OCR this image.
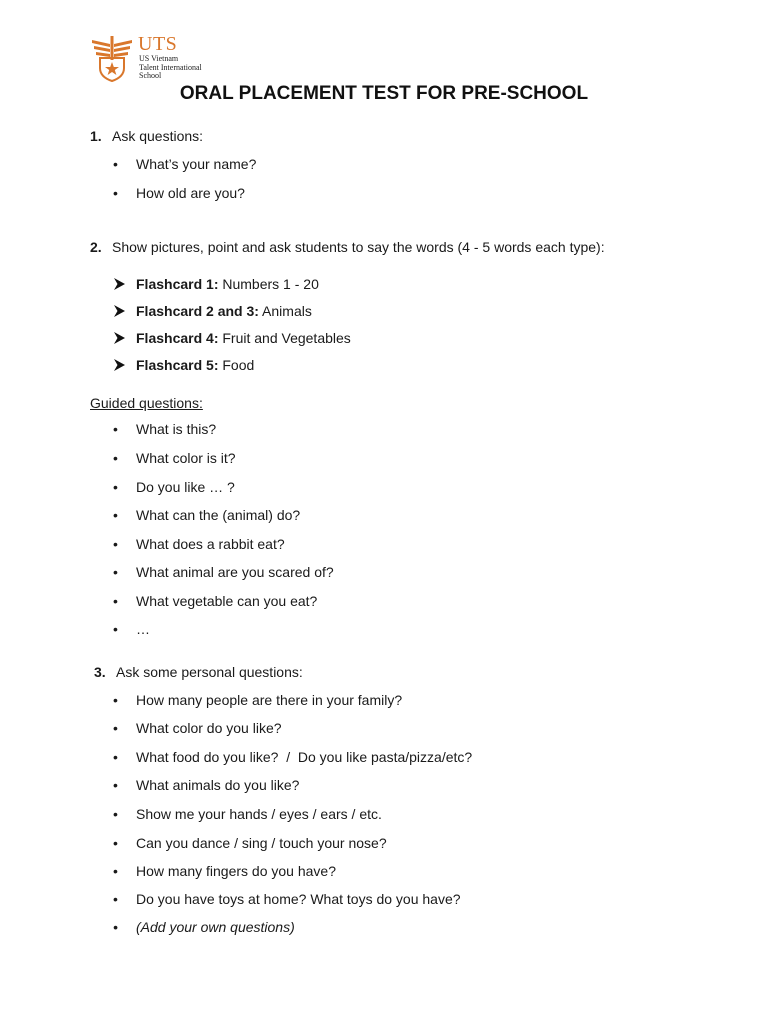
UTS
US Vietnam
Talent International
School
ORAL PLACEMENT TEST FOR PRE-SCHOOL
1. Ask questions:
•	What’s your name?
•	How old are you?
2. Show pictures, point and ask students to say the words (4 - 5 words each type):
Flashcard 1: Numbers 1 - 20
Flashcard 2 and 3: Animals
Flashcard 4: Fruit and Vegetables
Flashcard 5: Food
Guided questions:
•	What is this?
•	What color is it?
•	Do you like … ?
•	What can the (animal) do?
•	What does a rabbit eat?
•	What animal are you scared of?
•	What vegetable can you eat?
•	…
3. Ask some personal questions:
•	How many people are there in your family?
•	What color do you like?
•	What food do you like?  /  Do you like pasta/pizza/etc?
•	What animals do you like?
•	Show me your hands / eyes / ears / etc.
•	Can you dance / sing / touch your nose?
•	How many fingers do you have?
•	Do you have toys at home? What toys do you have?
•	(Add your own questions)
